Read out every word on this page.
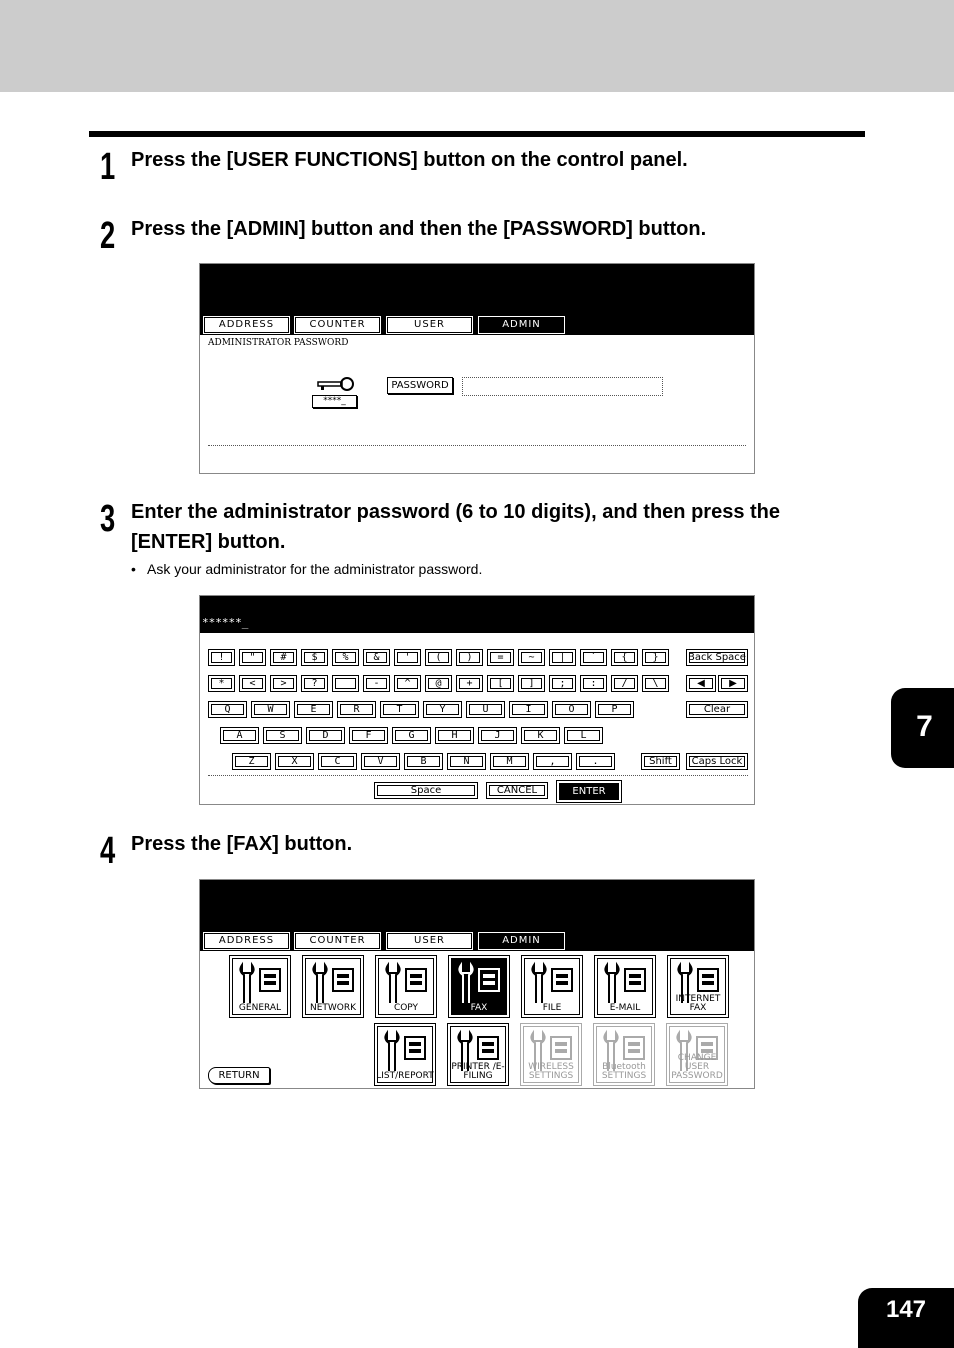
1 Press the [USER FUNCTIONS] button on the control panel.
2 Press the [ADMIN] button and then the [PASSWORD] button.
ADDRESS	COUNTER	USER	ADMIN
ADMINISTRATOR PASSWORD
****_
PASSWORD
3 Enter the administrator password (6 to 10 digits), and then press the [ENTER] button.
• Ask your administrator for the administrator password.
******_
!	"	#	$	%	&	'	(	)	=	~	|	`	{	}
*	<	>	?	_	-	^	@	+	[	]	;	:	/	\
Q	W	E	R	T	Y	U	I	O	P
A	S	D	F	G	H	J	K	L
Z	X	C	V	B	N	M	,	.
Back Space
◀	▶
Clear
Shift	Caps Lock
Space	CANCEL	ENTER
4 Press the [FAX] button.
ADDRESS	COUNTER	USER	ADMIN
GENERAL	NETWORK	COPY	FAX	FILE	E-MAIL
INTERNET FAX
LIST/REPORT
PRINTER /E-FILING
WIRELESS SETTINGS
Bluetooth SETTINGS
CHANGE USER PASSWORD
RETURN
7
147
